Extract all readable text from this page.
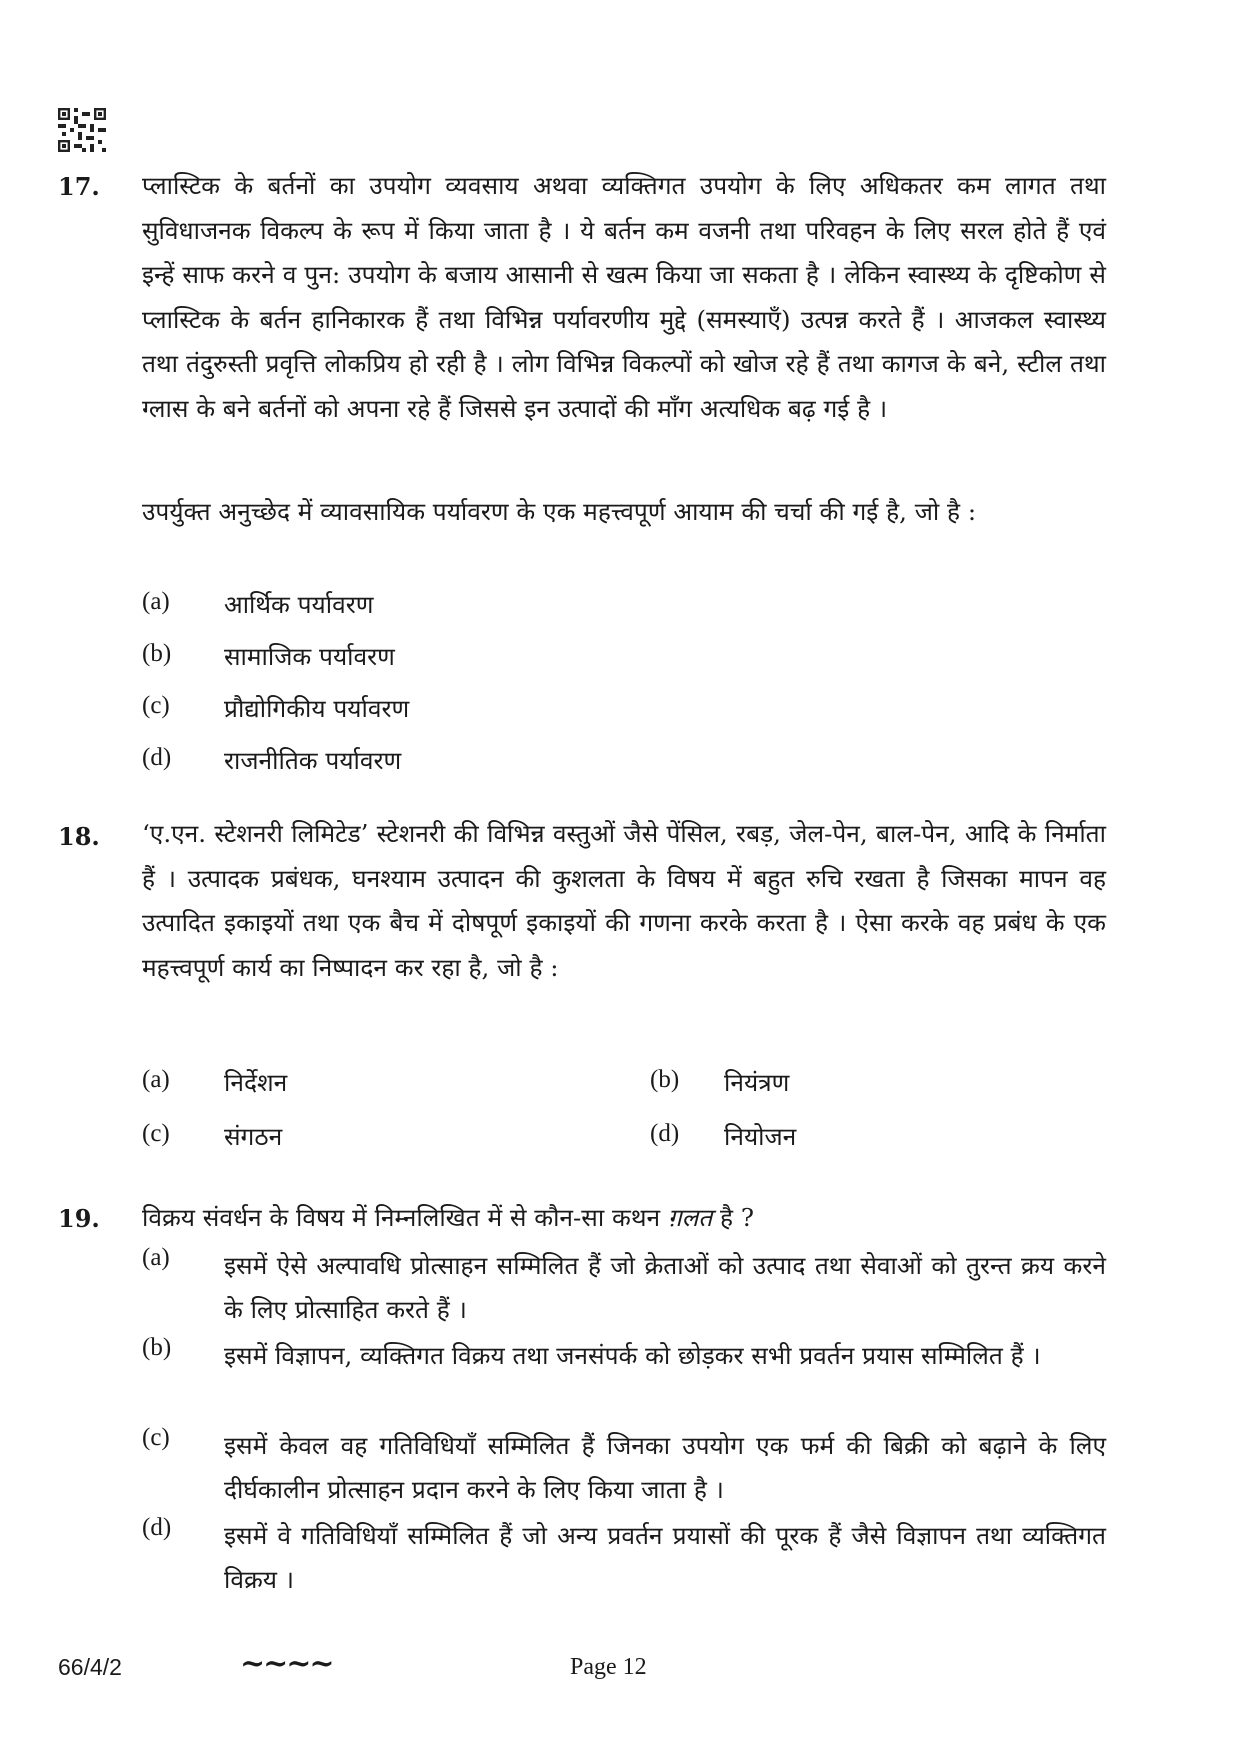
17. प्लास्टिक के बर्तनों का उपयोग व्यवसाय अथवा व्यक्तिगत उपयोग के लिए अधिकतर कम लागत तथा सुविधाजनक विकल्प के रूप में किया जाता है । ये बर्तन कम वजनी तथा परिवहन के लिए सरल होते हैं एवं इन्हें साफ करने व पुन: उपयोग के बजाय आसानी से खत्म किया जा सकता है । लेकिन स्वास्थ्य के दृष्टिकोण से प्लास्टिक के बर्तन हानिकारक हैं तथा विभिन्न पर्यावरणीय मुद्दे (समस्याएँ) उत्पन्न करते हैं । आजकल स्वास्थ्य तथा तंदुरुस्ती प्रवृत्ति लोकप्रिय हो रही है । लोग विभिन्न विकल्पों को खोज रहे हैं तथा कागज के बने, स्टील तथा ग्लास के बने बर्तनों को अपना रहे हैं जिससे इन उत्पादों की माँग अत्यधिक बढ़ गई है ।
उपर्युक्त अनुच्छेद में व्यावसायिक पर्यावरण के एक महत्त्वपूर्ण आयाम की चर्चा की गई है, जो है :
(a)	आर्थिक पर्यावरण
(b)	सामाजिक पर्यावरण
(c)	प्रौद्योगिकीय पर्यावरण
(d)	राजनीतिक पर्यावरण
18. ‘ए.एन. स्टेशनरी लिमिटेड’ स्टेशनरी की विभिन्न वस्तुओं जैसे पेंसिल, रबड़, जेल-पेन, बाल-पेन, आदि के निर्माता हैं । उत्पादक प्रबंधक, घनश्याम उत्पादन की कुशलता के विषय में बहुत रुचि रखता है जिसका मापन वह उत्पादित इकाइयों तथा एक बैच में दोषपूर्ण इकाइयों की गणना करके करता है । ऐसा करके वह प्रबंध के एक महत्त्वपूर्ण कार्य का निष्पादन कर रहा है, जो है :
(a)	निर्देशन	(b)	नियंत्रण
(c)	संगठन	(d)	नियोजन
19. विक्रय संवर्धन के विषय में निम्नलिखित में से कौन-सा कथन ग़लत है ?
(a)	इसमें ऐसे अल्पावधि प्रोत्साहन सम्मिलित हैं जो क्रेताओं को उत्पाद तथा सेवाओं को तुरन्त क्रय करने के लिए प्रोत्साहित करते हैं ।
(b)	इसमें विज्ञापन, व्यक्तिगत विक्रय तथा जनसंपर्क को छोड़कर सभी प्रवर्तन प्रयास सम्मिलित हैं ।
(c)	इसमें केवल वह गतिविधियाँ सम्मिलित हैं जिनका उपयोग एक फर्म की बिक्री को बढ़ाने के लिए दीर्घकालीन प्रोत्साहन प्रदान करने के लिए किया जाता है ।
(d)	इसमें वे गतिविधियाँ सम्मिलित हैं जो अन्य प्रवर्तन प्रयासों की पूरक हैं जैसे विज्ञापन तथा व्यक्तिगत विक्रय ।
66/4/2	~~~~	Page 12
